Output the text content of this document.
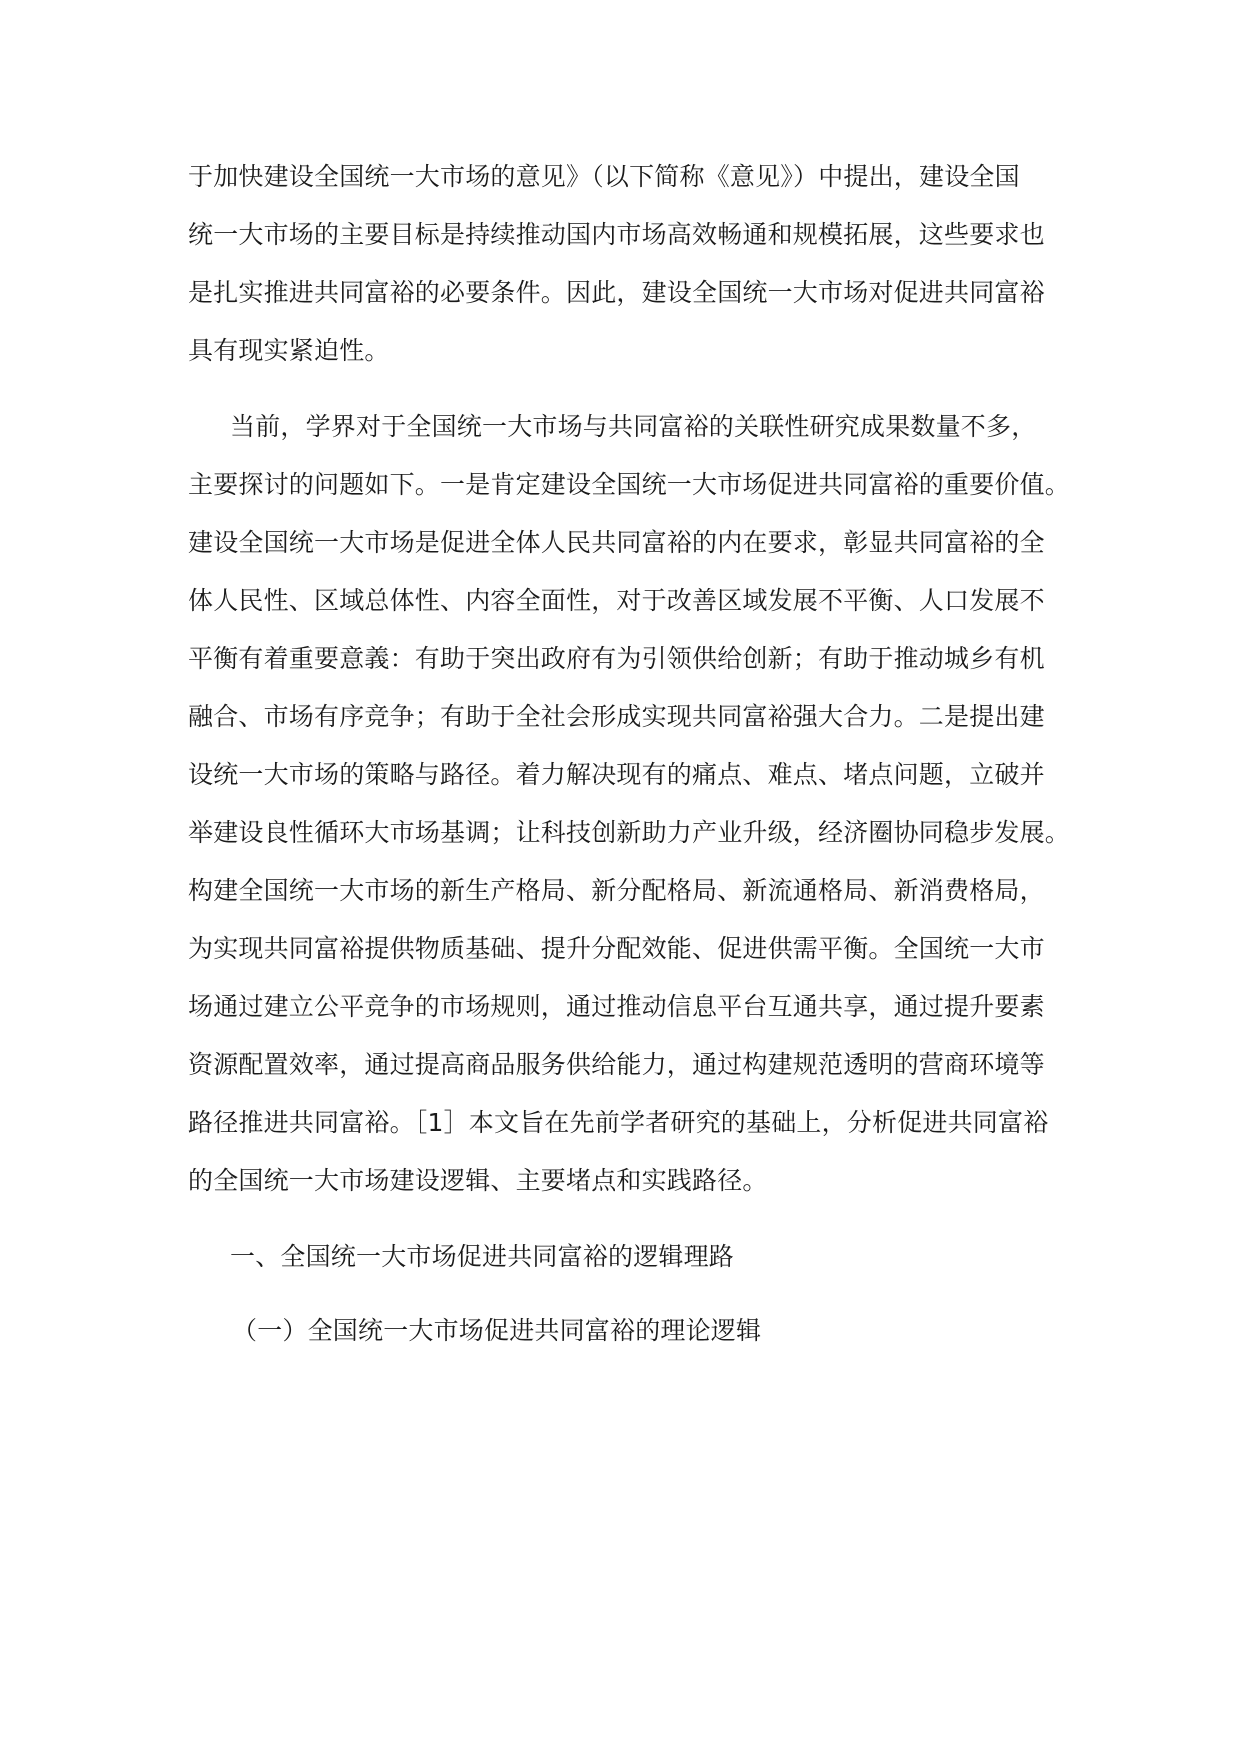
于加快建设全国统一大市场的意见》（以下简称《意见》）中提出，建设全国
统一大市场的主要目标是持续推动国内市场高效畅通和规模拓展，这些要求也
是扎实推进共同富裕的必要条件。因此，建设全国统一大市场对促进共同富裕
具有现实紧迫性。
当前，学界对于全国统一大市场与共同富裕的关联性研究成果数量不多，
主要探讨的问题如下。一是肯定建设全国统一大市场促进共同富裕的重要价值。
建设全国统一大市场是促进全体人民共同富裕的内在要求，彰显共同富裕的全
体人民性、区域总体性、内容全面性，对于改善区域发展不平衡、人口发展不
平衡有着重要意義：有助于突出政府有为引领供给创新；有助于推动城乡有机
融合、市场有序竞争；有助于全社会形成实现共同富裕强大合力。二是提出建
设统一大市场的策略与路径。着力解决现有的痛点、难点、堵点问题，立破并
举建设良性循环大市场基调；让科技创新助力产业升级，经济圈协同稳步发展。
构建全国统一大市场的新生产格局、新分配格局、新流通格局、新消费格局，
为实现共同富裕提供物质基础、提升分配效能、促进供需平衡。全国统一大市
场通过建立公平竞争的市场规则，通过推动信息平台互通共享，通过提升要素
资源配置效率，通过提高商品服务供给能力，通过构建规范透明的营商环境等
路径推进共同富裕。［1］本文旨在先前学者研究的基础上，分析促进共同富裕
的全国统一大市场建设逻辑、主要堵点和实践路径。
一、全国统一大市场促进共同富裕的逻辑理路
（一）全国统一大市场促进共同富裕的理论逻辑
